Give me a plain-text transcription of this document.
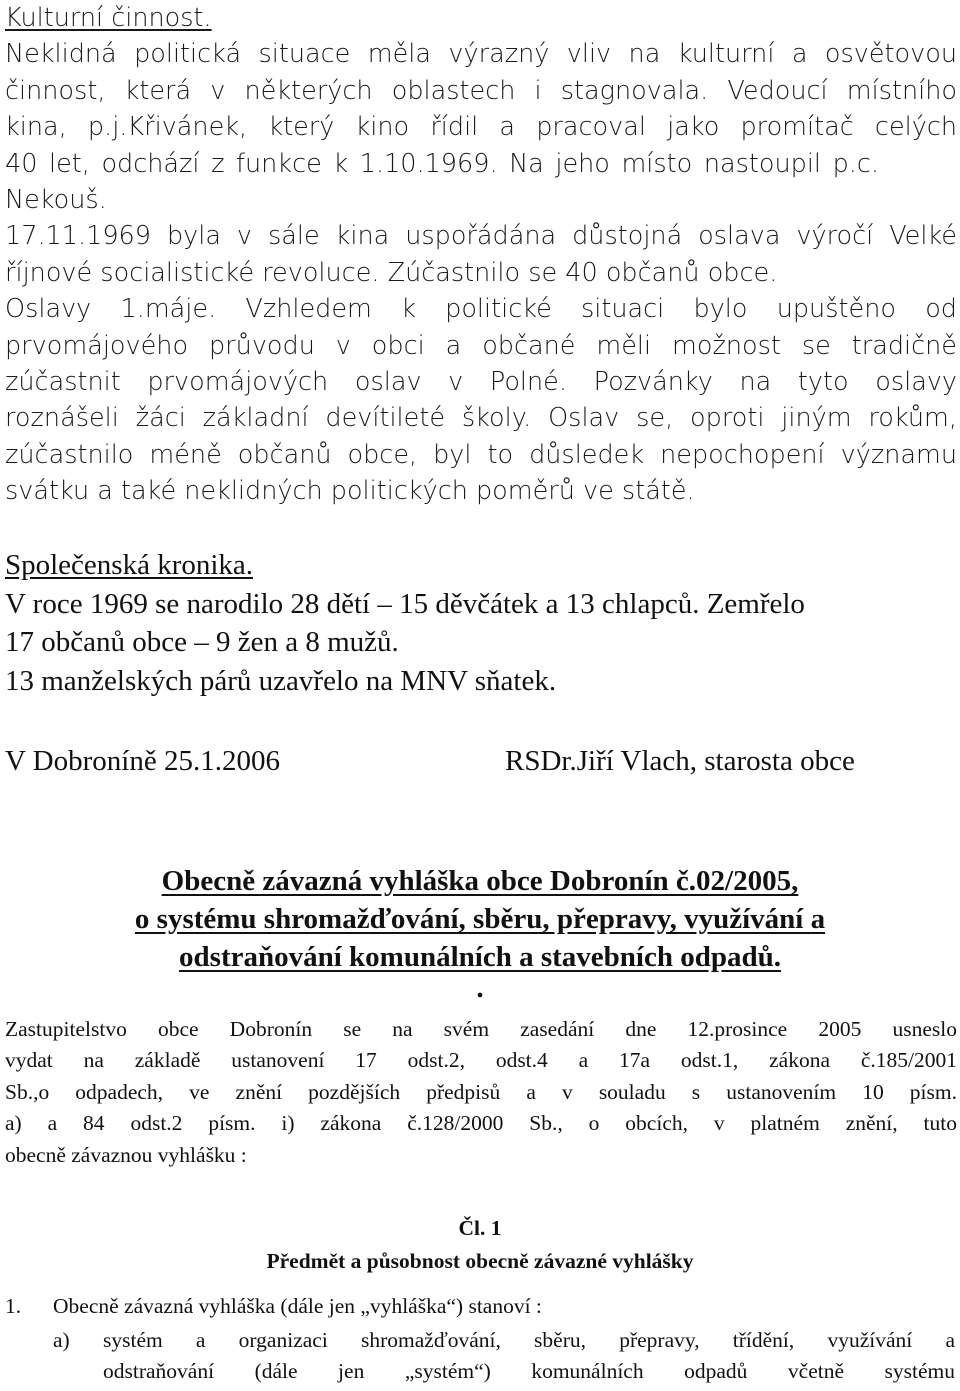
Kulturní činnost.

Neklidná politická situace měla výrazný vliv na kulturní a osvětovou

činnost, která v některých oblastech i stagnovala. Vedoucí místního

kina, p.j.Křivánek, který kino řídil a pracoval jako promítač celých

40 let, odchází z funkce k 1.10.1969. Na jeho místo nastoupil p.c.

Nekouš.

17.11.1969 byla v sále kina uspořádána důstojná oslava výročí Velké

říjnové socialistické revoluce. Zúčastnilo se 40 občanů obce.

Oslavy 1.máje. Vzhledem k politické situaci bylo upuštěno od

prvomájového průvodu v obci a občané měli možnost se tradičně

zúčastnit prvomájových oslav v Polné. Pozvánky na tyto oslavy

roznášeli žáci základní devítileté školy. Oslav se, oproti jiným rokům,

zúčastnilo méně občanů obce, byl to důsledek nepochopení významu

svátku a také neklidných politických poměrů ve státě.

Společenská kronika.

V roce 1969 se narodilo 28 dětí – 15 děvčátek a 13 chlapců. Zemřelo

17 občanů obce – 9 žen a 8 mužů.

13 manželských párů uzavřelo na MNV sňatek.

V Dobroníně 25.1.2006	RSDr.Jiří Vlach, starosta obce
Obecně závazná vyhláška obce Dobronín č.02/2005,
o systému shromažďování, sběru, přepravy, využívání a
odstraňování komunálních a stavebních odpadů.
.

Zastupitelstvo obce Dobronín se na svém zasedání dne 12.prosince 2005 usneslo

vydat na základě ustanovení 17 odst.2, odst.4 a 17a odst.1, zákona č.185/2001

Sb.,o odpadech, ve znění pozdějších předpisů a v souladu s ustanovením 10 písm.

a) a 84 odst.2 písm. i) zákona č.128/2000 Sb., o obcích, v platném znění, tuto

obecně závaznou vyhlášku :

Čl. 1
Předmět a působnost obecně závazné vyhlášky
1. Obecně závazná vyhláška (dále jen „vyhláška“) stanoví :
a) systém a organizaci shromažďování, sběru, přepravy, třídění, využívání a

odstraňování (dále jen „systém“) komunálních odpadů včetně systému
